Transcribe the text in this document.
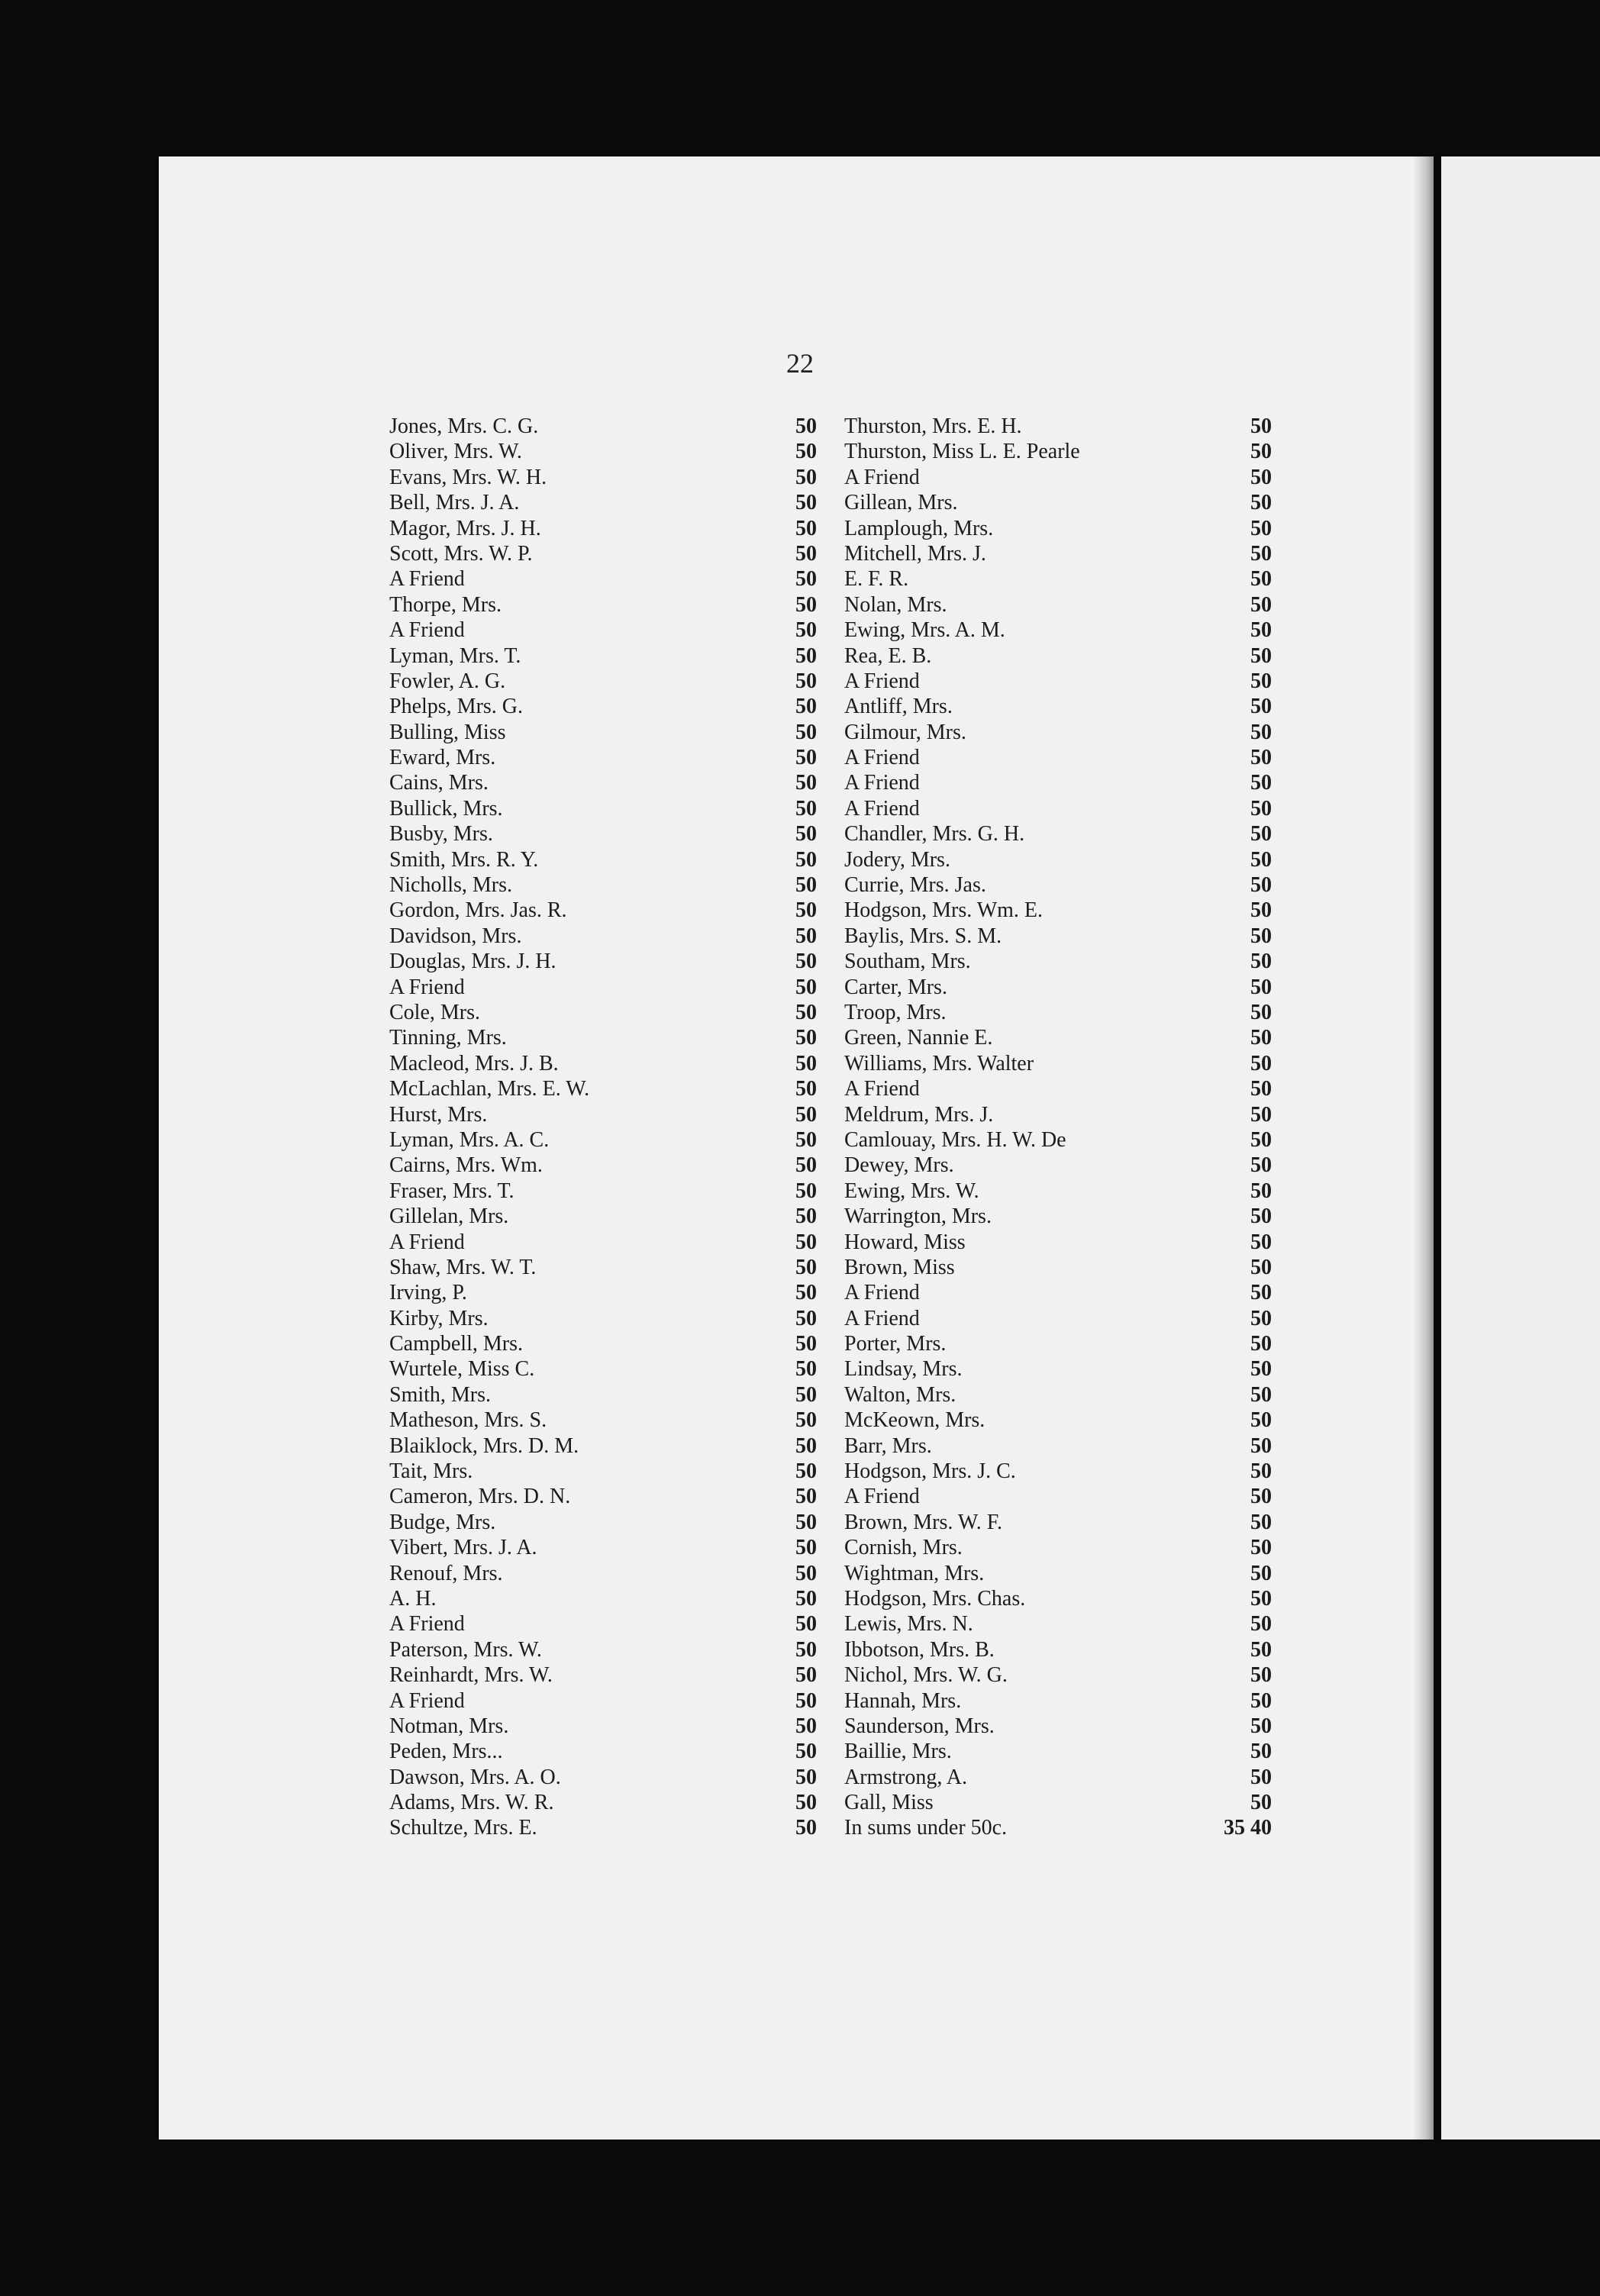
22
Jones, Mrs. C. G.	50
Oliver, Mrs. W.	50
Evans, Mrs. W. H.	50
Bell, Mrs. J. A.	50
Magor, Mrs. J. H.	50
Scott, Mrs. W. P.	50
A Friend	50
Thorpe, Mrs.	50
A Friend	50
Lyman, Mrs. T.	50
Fowler, A. G.	50
Phelps, Mrs. G.	50
Bulling, Miss	50
Eward, Mrs.	50
Cains, Mrs.	50
Bullick, Mrs.	50
Busby, Mrs.	50
Smith, Mrs. R. Y.	50
Nicholls, Mrs.	50
Gordon, Mrs. Jas. R.	50
Davidson, Mrs.	50
Douglas, Mrs. J. H.	50
A Friend	50
Cole, Mrs.	50
Tinning, Mrs.	50
Macleod, Mrs. J. B.	50
McLachlan, Mrs. E. W.	50
Hurst, Mrs.	50
Lyman, Mrs. A. C.	50
Cairns, Mrs. Wm.	50
Fraser, Mrs. T.	50
Gillelan, Mrs.	50
A Friend	50
Shaw, Mrs. W. T.	50
Irving, P.	50
Kirby, Mrs.	50
Campbell, Mrs.	50
Wurtele, Miss C.	50
Smith, Mrs.	50
Matheson, Mrs. S.	50
Blaiklock, Mrs. D. M.	50
Tait, Mrs.	50
Cameron, Mrs. D. N.	50
Budge, Mrs.	50
Vibert, Mrs. J. A.	50
Renouf, Mrs.	50
A. H.	50
A Friend	50
Paterson, Mrs. W.	50
Reinhardt, Mrs. W.	50
A Friend	50
Notman, Mrs.	50
Peden, Mrs...	50
Dawson, Mrs. A. O.	50
Adams, Mrs. W. R.	50
Schultze, Mrs. E.	50
Thurston, Mrs. E. H.	50
Thurston, Miss L. E. Pearle	50
A Friend	50
Gillean, Mrs.	50
Lamplough, Mrs.	50
Mitchell, Mrs. J.	50
E. F. R.	50
Nolan, Mrs.	50
Ewing, Mrs. A. M.	50
Rea, E. B.	50
A Friend	50
Antliff, Mrs.	50
Gilmour, Mrs.	50
A Friend	50
A Friend	50
A Friend	50
Chandler, Mrs. G. H.	50
Jodery, Mrs.	50
Currie, Mrs. Jas.	50
Hodgson, Mrs. Wm. E.	50
Baylis, Mrs. S. M.	50
Southam, Mrs.	50
Carter, Mrs.	50
Troop, Mrs.	50
Green, Nannie E.	50
Williams, Mrs. Walter	50
A Friend	50
Meldrum, Mrs. J.	50
Camlouay, Mrs. H. W. De	50
Dewey, Mrs.	50
Ewing, Mrs. W.	50
Warrington, Mrs.	50
Howard, Miss	50
Brown, Miss	50
A Friend	50
A Friend	50
Porter, Mrs.	50
Lindsay, Mrs.	50
Walton, Mrs.	50
McKeown, Mrs.	50
Barr, Mrs.	50
Hodgson, Mrs. J. C.	50
A Friend	50
Brown, Mrs. W. F.	50
Cornish, Mrs.	50
Wightman, Mrs.	50
Hodgson, Mrs. Chas.	50
Lewis, Mrs. N.	50
Ibbotson, Mrs. B.	50
Nichol, Mrs. W. G.	50
Hannah, Mrs.	50
Saunderson, Mrs.	50
Baillie, Mrs.	50
Armstrong, A.	50
Gall, Miss	50
In sums under 50c.	35 40
